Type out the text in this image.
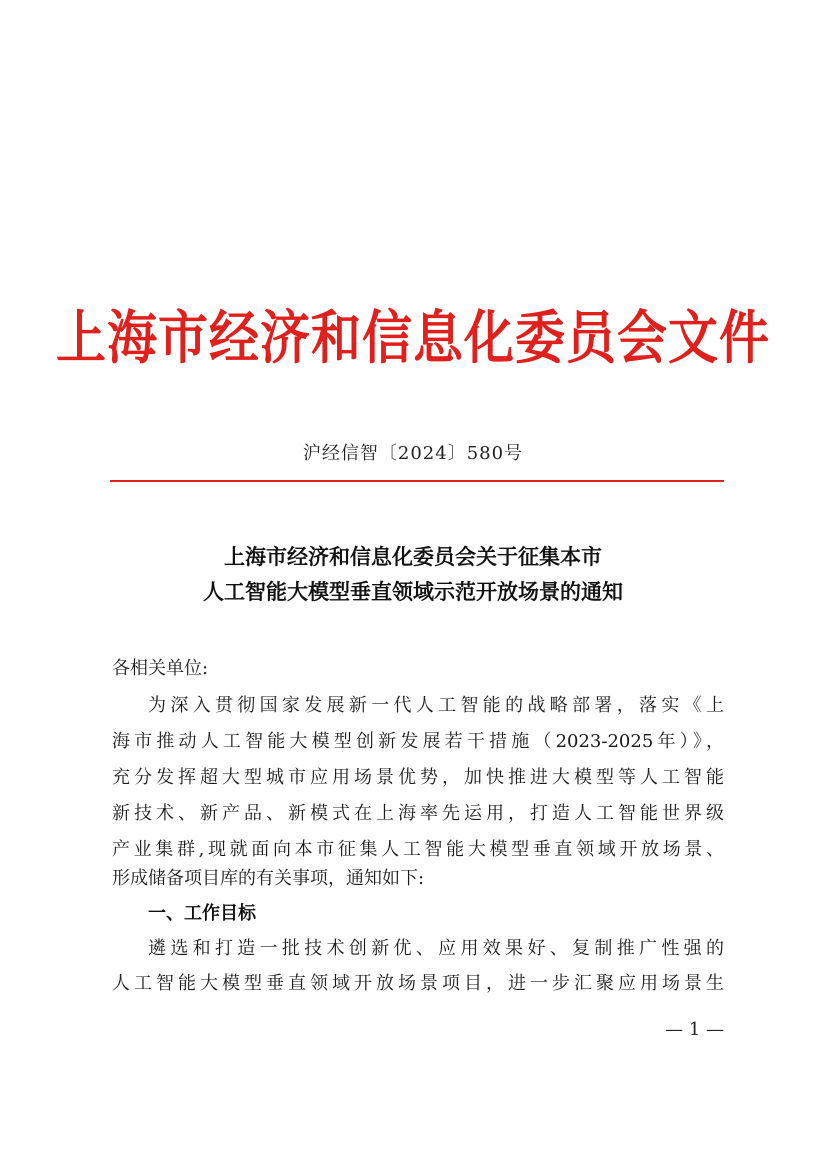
上海市经济和信息化委员会文件
沪经信智〔2024〕580号
上海市经济和信息化委员会关于征集本市
人工智能大模型垂直领域示范开放场景的通知
各相关单位:
为深入贯彻国家发展新一代人工智能的战略部署，落实《上
海市推动人工智能大模型创新发展若干措施（2023-2025年）》，
充分发挥超大型城市应用场景优势，加快推进大模型等人工智能
新技术、新产品、新模式在上海率先运用，打造人工智能世界级
产业集群,现就面向本市征集人工智能大模型垂直领域开放场景、
形成储备项目库的有关事项，通知如下:
一、工作目标
遴选和打造一批技术创新优、应用效果好、复制推广性强的
人工智能大模型垂直领域开放场景项目，进一步汇聚应用场景生
— 1 —
